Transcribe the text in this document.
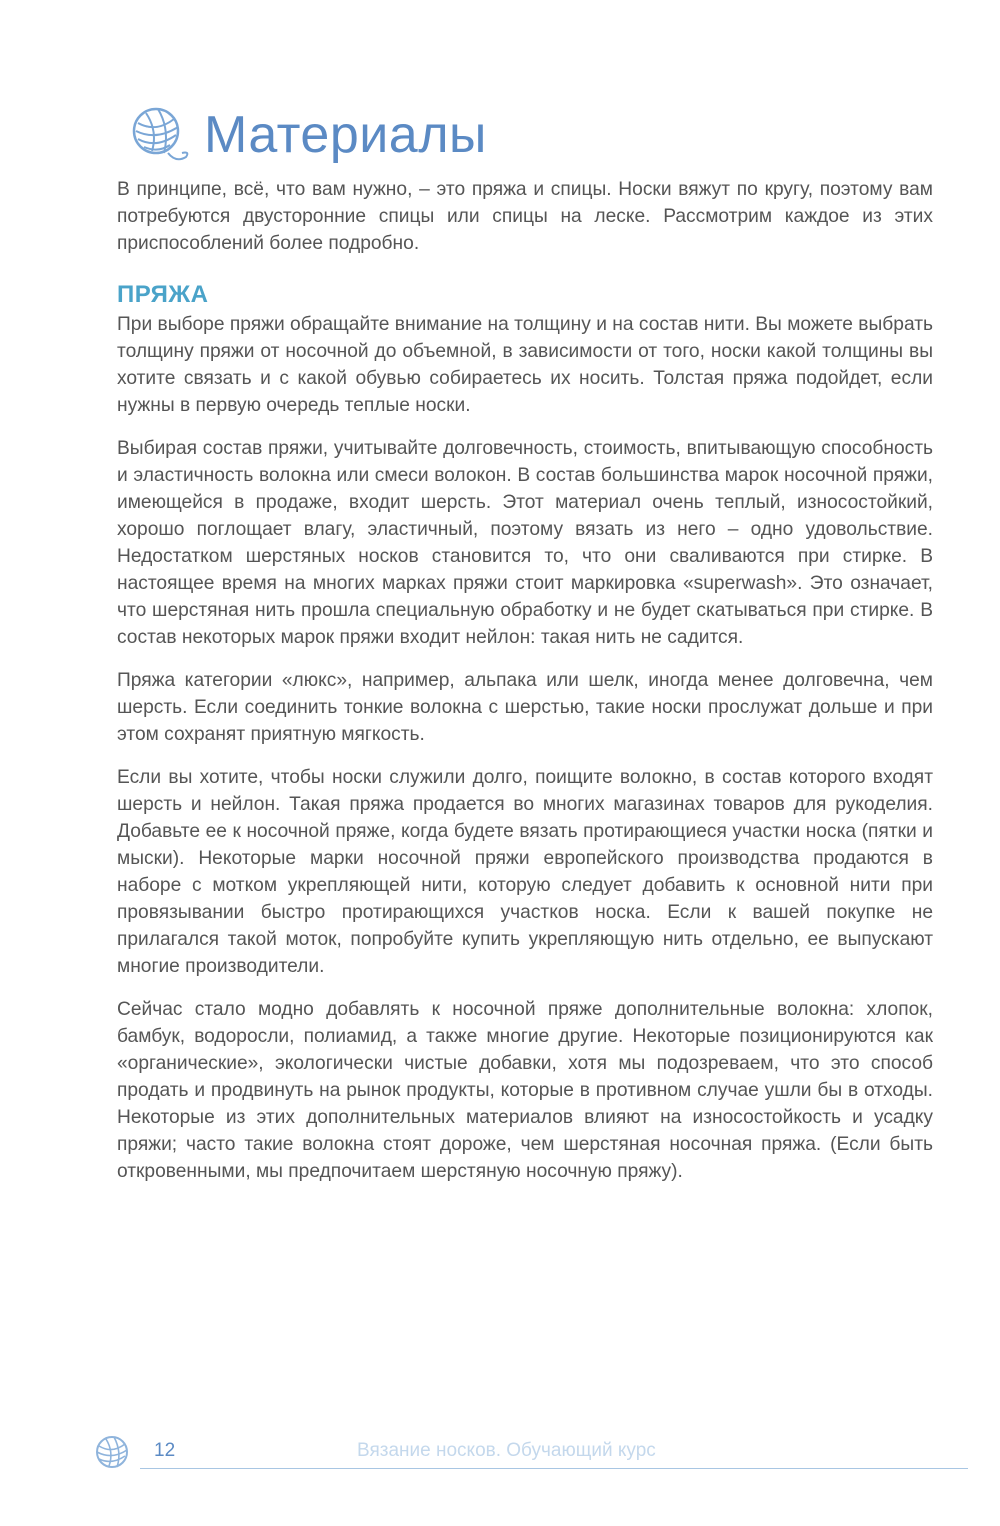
Материалы

В принципе, всё, что вам нужно, – это пряжа и спицы. Носки вяжут по кругу, поэтому вам потребуются двусторонние спицы или спицы на леске. Рассмотрим каждое из этих приспособлений более подробно.

ПРЯЖА

При выборе пряжи обращайте внимание на толщину и на состав нити. Вы можете выбрать толщину пряжи от носочной до объемной, в зависимости от того, носки какой толщины вы хотите связать и с какой обувью собираетесь их носить. Толстая пряжа подойдет, если нужны в первую очередь теплые носки.

Выбирая состав пряжи, учитывайте долговечность, стоимость, впитывающую способность и эластичность волокна или смеси волокон. В состав большинства марок носочной пряжи, имеющейся в продаже, входит шерсть. Этот материал очень теплый, износостойкий, хорошо поглощает влагу, эластичный, поэтому вязать из него – одно удовольствие. Недостатком шерстяных носков становится то, что они сваливаются при стирке. В настоящее время на многих марках пряжи стоит маркировка «superwash». Это означает, что шерстяная нить прошла специальную обработку и не будет скатываться при стирке. В состав некоторых марок пряжи входит нейлон: такая нить не садится.

Пряжа категории «люкс», например, альпака или шелк, иногда менее долговечна, чем шерсть. Если соединить тонкие волокна с шерстью, такие носки прослужат дольше и при этом сохранят приятную мягкость.

Если вы хотите, чтобы носки служили долго, поищите волокно, в состав которого входят шерсть и нейлон. Такая пряжа продается во многих магазинах товаров для рукоделия. Добавьте ее к носочной пряже, когда будете вязать протирающиеся участки носка (пятки и мыски). Некоторые марки носочной пряжи европейского производства продаются в наборе с мотком укрепляющей нити, которую следует добавить к основной нити при провязывании быстро протирающихся участков носка. Если к вашей покупке не прилагался такой моток, попробуйте купить укрепляющую нить отдельно, ее выпускают многие производители.

Сейчас стало модно добавлять к носочной пряже дополнительные волокна: хлопок, бамбук, водоросли, полиамид, а также многие другие. Некоторые позиционируются как «органические», экологически чистые добавки, хотя мы подозреваем, что это способ продать и продвинуть на рынок продукты, которые в противном случае ушли бы в отходы. Некоторые из этих дополнительных материалов влияют на износостойкость и усадку пряжи; часто такие волокна стоят дороже, чем шерстяная носочная пряжа. (Если быть откровенными, мы предпочитаем шерстяную носочную пряжу).

12	Вязание носков. Обучающий курс
